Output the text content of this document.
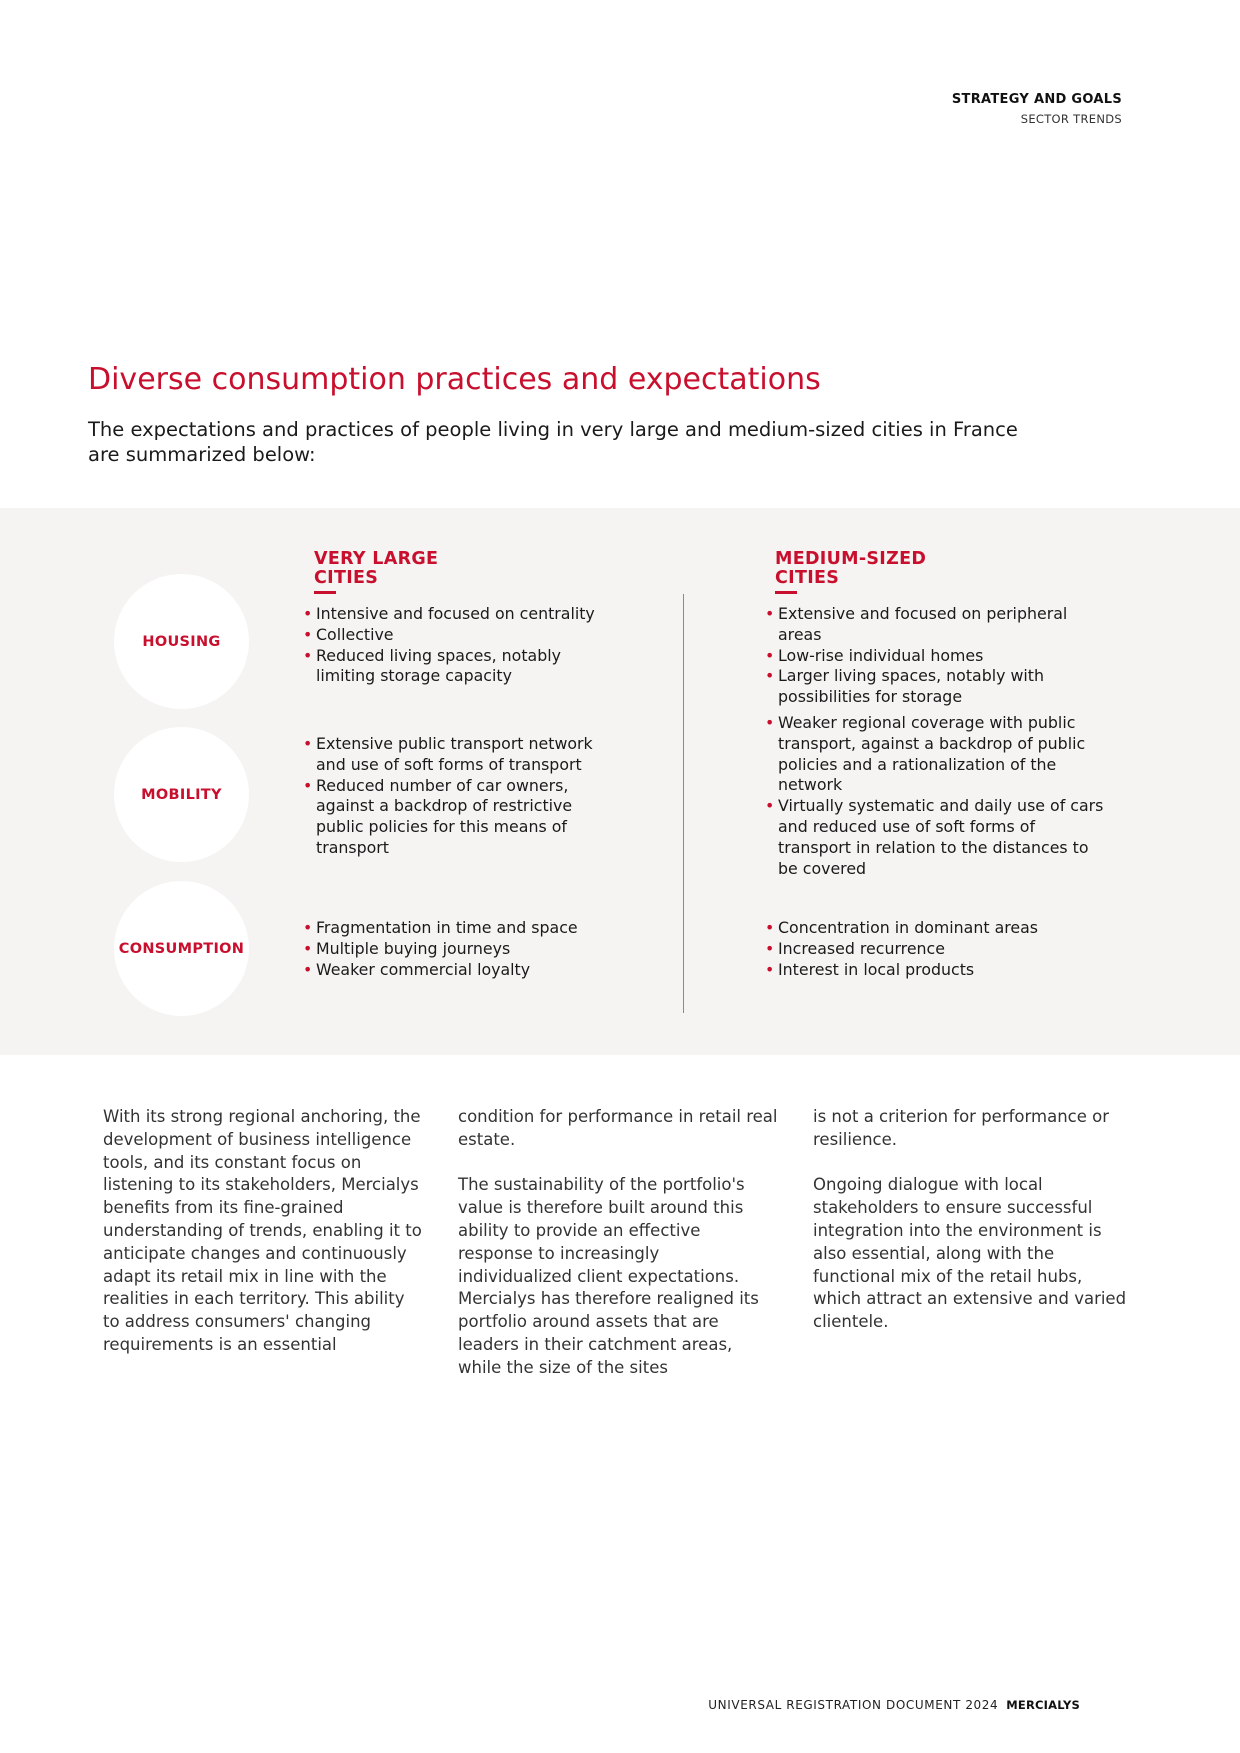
STRATEGY AND GOALS
SECTOR TRENDS
Diverse consumption practices and expectations
The expectations and practices of people living in very large and medium-sized cities in France are summarized below:
VERY LARGE
CITIES
MEDIUM-SIZED
CITIES
HOUSING
MOBILITY
CONSUMPTION
• Intensive and focused on centrality
• Collective
• Reduced living spaces, notably limiting storage capacity
• Extensive and focused on peripheral areas
• Low-rise individual homes
• Larger living spaces, notably with possibilities for storage
• Extensive public transport network and use of soft forms of transport
• Reduced number of car owners, against a backdrop of restrictive public policies for this means of transport
• Weaker regional coverage with public transport, against a backdrop of public policies and a rationalization of the network
• Virtually systematic and daily use of cars and reduced use of soft forms of transport in relation to the distances to be covered
• Fragmentation in time and space
• Multiple buying journeys
• Weaker commercial loyalty
• Concentration in dominant areas
• Increased recurrence
• Interest in local products

With its strong regional anchoring, the development of business intelligence tools, and its constant focus on listening to its stakeholders, Mercialys benefits from its fine-grained understanding of trends, enabling it to anticipate changes and continuously adapt its retail mix in line with the realities in each territory. This ability to address consumers' changing requirements is an essential

condition for performance in retail real estate.

The sustainability of the portfolio's value is therefore built around this ability to provide an effective response to increasingly individualized client expectations. Mercialys has therefore realigned its portfolio around assets that are leaders in their catchment areas, while the size of the sites

is not a criterion for performance or resilience.

Ongoing dialogue with local stakeholders to ensure successful integration into the environment is also essential, along with the functional mix of the retail hubs, which attract an extensive and varied clientele.

UNIVERSAL REGISTRATION DOCUMENT 2024 MERCIALYS
